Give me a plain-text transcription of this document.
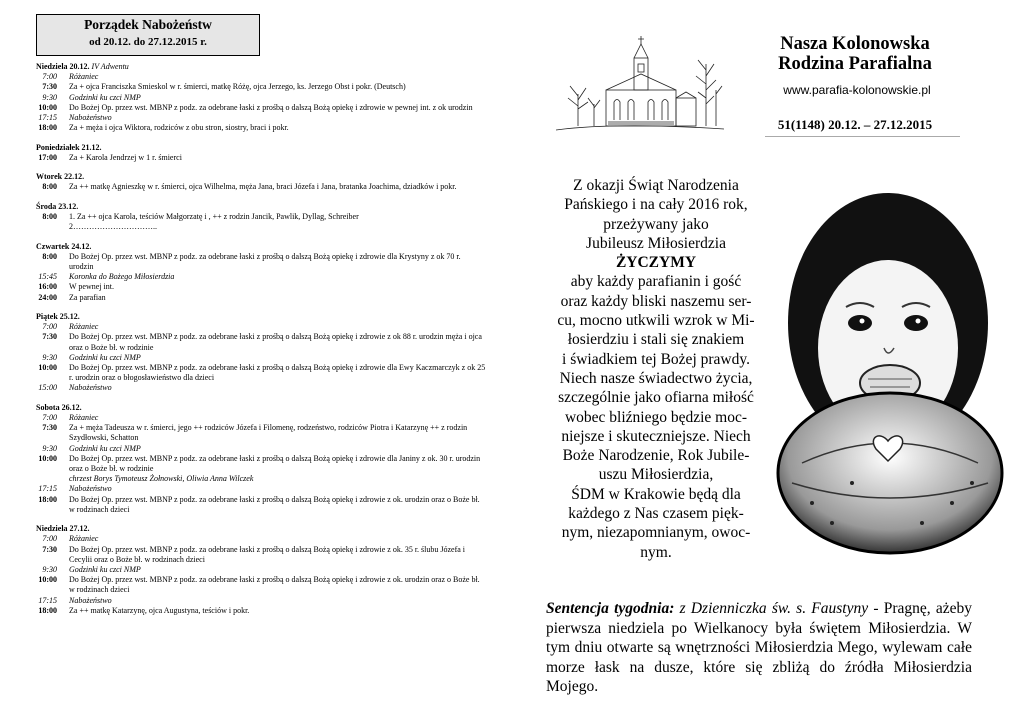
Porządek Nabożeństw
od 20.12. do 27.12.2015 r.
Niedziela 20.12. IV Adwentu
7:00 Różaniec
7:30 Za + ojca Franciszka Smieskol w r. śmierci, matkę Różę, ojca Jerzego, ks. Jerzego Obst i pokr. (Deutsch)
9:30 Godzinki ku czci NMP
10:00 Do Bożej Op. przez wst. MBNP z podz. za odebrane łaski z prośbą o dalszą Bożą opiekę i zdrowie w pewnej int. z ok urodzin
17:15 Nabożeństwo
18:00 Za + męża i ojca Wiktora, rodziców z obu stron, siostry, braci i pokr.
Poniedziałek 21.12.
17:00 Za + Karola Jendrzej w 1 r. śmierci
Wtorek 22.12.
8:00 Za ++ matkę Agnieszkę w r. śmierci, ojca Wilhelma, męża Jana, braci Józefa i Jana, bratanka Joachima, dziadków i pokr.
Środa 23.12.
8:00 1. Za ++ ojca Karola, teściów Małgorzatę i , ++ z rodzin Jancik, Pawlik, Dyllag, Schreiber
2…………………………..
Czwartek 24.12.
8:00 Do Bożej Op. przez wst. MBNP z podz. za odebrane łaski z prośbą o dalszą Bożą opiekę i zdrowie dla Krystyny z ok 70 r. urodzin
15:45 Koronka do Bożego Miłosierdzia
16:00 W pewnej int.
24:00 Za parafian
Piątek 25.12.
7:00 Różaniec
7:30 Do Bożej Op. przez wst. MBNP z podz. za odebrane łaski z prośbą o dalszą Bożą opiekę i zdrowie z ok 88 r. urodzin męża i ojca oraz o Boże bł. w rodzinie
9:30 Godzinki ku czci NMP
10:00 Do Bożej Op. przez wst. MBNP z podz. za odebrane łaski z prośbą o dalszą Bożą opiekę i zdrowie dla Ewy Kaczmarczyk z ok 25 r. urodzin oraz o błogosławieństwo dla dzieci
15:00 Nabożeństwo
Sobota 26.12.
7:00 Różaniec
7:30 Za + męża Tadeusza w r. śmierci, jego ++ rodziców Józefa i Filomenę, rodzeństwo, rodziców Piotra i Katarzynę ++ z rodzin Szydłowski, Schatton
9:30 Godzinki ku czci NMP
10:00 Do Bożej Op. przez wst. MBNP z podz. za odebrane łaski z prośbą o dalszą Bożą opiekę i zdrowie dla Janiny z ok. 30 r. urodzin oraz o Boże bł. w rodzinie
chrzest Borys Tymoteusz Żołnowski, Oliwia Anna Wilczek
17:15 Nabożeństwo
18:00 Do Bożej Op. przez wst. MBNP z podz. za odebrane łaski z prośbą o dalszą Bożą opiekę i zdrowie z ok. urodzin oraz o Boże bł. w rodzinach dzieci
Niedziela 27.12.
7:00 Różaniec
7:30 Do Bożej Op. przez wst. MBNP z podz. za odebrane łaski z prośbą o dalszą Bożą opiekę i zdrowie z ok. 35 r. ślubu Józefa i Cecylii oraz o Boże bł. w rodzinach dzieci
9:30 Godzinki ku czci NMP
10:00 Do Bożej Op. przez wst. MBNP z podz. za odebrane łaski z prośbą o dalszą Bożą opiekę i zdrowie z ok. urodzin oraz o Boże bł. w rodzinach dzieci
17:15 Nabożeństwo
18:00 Za ++ matkę Katarzynę, ojca Augustyna, teściów i pokr.
Nasza Kolonowska
Rodzina Parafialna
www.parafia-kolonowskie.pl
51(1148) 20.12. – 27.12.2015
Z okazji Świąt Narodzenia
Pańskiego i na cały 2016 rok,
przeżywany jako
Jubileusz Miłosierdzia
ŻYCZYMY
aby każdy parafianin i gość
oraz każdy bliski naszemu ser-
cu, mocno utkwili wzrok w Mi-
łosierdziu i stali się znakiem
i świadkiem tej Bożej prawdy.
Niech nasze świadectwo życia,
szczególnie jako ofiarna miłość
wobec bliźniego będzie moc-
niejsze i skuteczniejsze. Niech
Boże Narodzenie, Rok Jubile-
uszu Miłosierdzia,
ŚDM w Krakowie będą dla
każdego z Nas czasem pięk-
nym, niezapomnianym, owoc-
nym.
Sentencja tygodnia: z Dzienniczka św. s. Faustyny - Pragnę, ażeby pierwsza niedziela po Wielkanocy była świętem Miłosierdzia. W tym dniu otwarte są wnętrzności Miłosierdzia Mego, wylewam całe morze łask na dusze, które się zbliżą do źródła Miłosierdzia Mojego.
